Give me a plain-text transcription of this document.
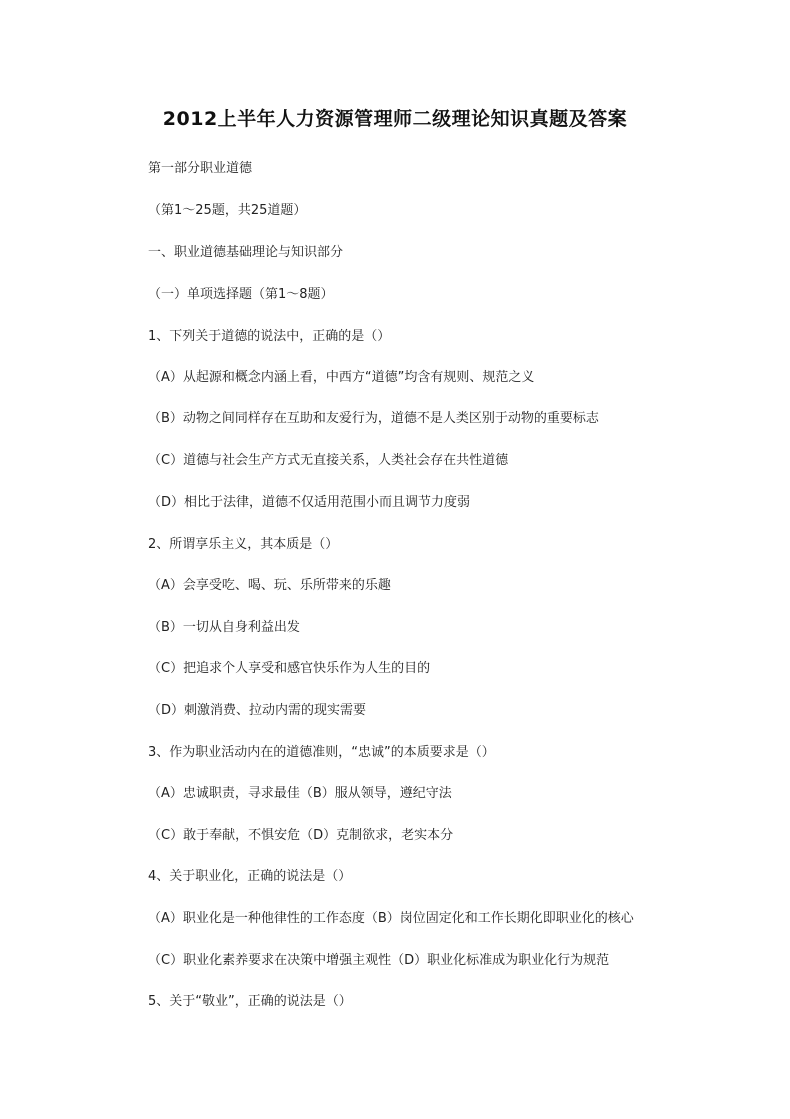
2012上半年人力资源管理师二级理论知识真题及答案
第一部分职业道德
（第1～25题，共25道题）
一、职业道德基础理论与知识部分
（一）单项选择题（第1～8题）
1、下列关于道德的说法中，正确的是（）
（A）从起源和概念内涵上看，中西方“道德”均含有规则、规范之义
（B）动物之间同样存在互助和友爱行为，道德不是人类区别于动物的重要标志
（C）道德与社会生产方式无直接关系，人类社会存在共性道德
（D）相比于法律，道德不仅适用范围小而且调节力度弱
2、所谓享乐主义，其本质是（）
（A）会享受吃、喝、玩、乐所带来的乐趣
（B）一切从自身利益出发
（C）把追求个人享受和感官快乐作为人生的目的
（D）刺激消费、拉动内需的现实需要
3、作为职业活动内在的道德准则，“忠诚”的本质要求是（）
（A）忠诚职责，寻求最佳（B）服从领导，遵纪守法
（C）敢于奉献，不惧安危（D）克制欲求，老实本分
4、关于职业化，正确的说法是（）
（A）职业化是一种他律性的工作态度（B）岗位固定化和工作长期化即职业化的核心
（C）职业化素养要求在决策中增强主观性（D）职业化标准成为职业化行为规范
5、关于“敬业”，正确的说法是（）
